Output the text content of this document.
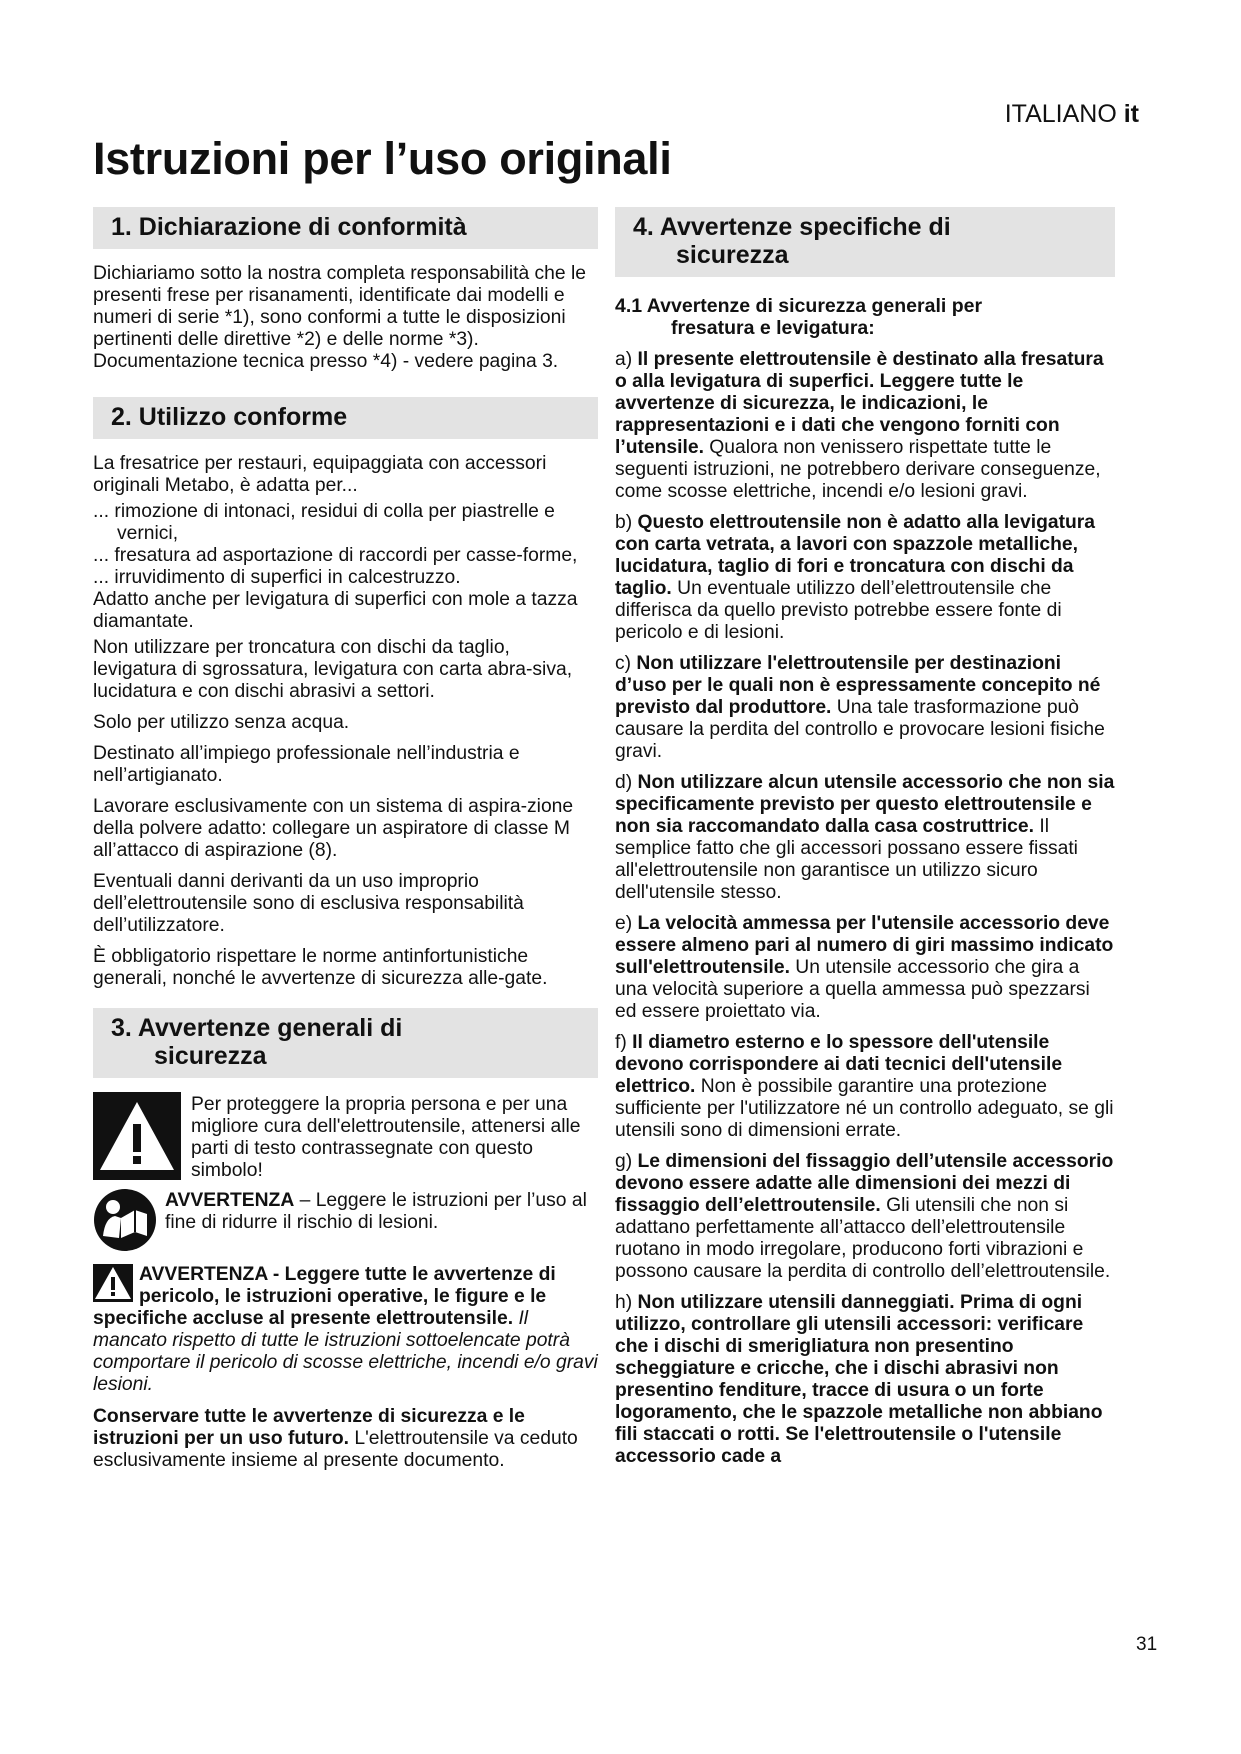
ITALIANO it
Istruzioni per l’uso originali
1. Dichiarazione di conformità

Dichiariamo sotto la nostra completa responsabilità che le presenti frese per risanamenti, identificate dai modelli e numeri di serie *1), sono conformi a tutte le disposizioni pertinenti delle direttive *2) e delle norme *3). Documentazione tecnica presso *4) - vedere pagina 3.

2. Utilizzo conforme

La fresatrice per restauri, equipaggiata con accessori originali Metabo, è adatta per...

... rimozione di intonaci, residui di colla per piastrelle e vernici,
... fresatura ad asportazione di raccordi per casse-forme,
... irruvidimento di superfici in calcestruzzo.

Adatto anche per levigatura di superfici con mole a tazza diamantate.

Non utilizzare per troncatura con dischi da taglio, levigatura di sgrossatura, levigatura con carta abra-siva, lucidatura e con dischi abrasivi a settori.

Solo per utilizzo senza acqua.

Destinato all’impiego professionale nell’industria e nell’artigianato.

Lavorare esclusivamente con un sistema di aspira-zione della polvere adatto: collegare un aspiratore di classe M all’attacco di aspirazione (8).

Eventuali danni derivanti da un uso improprio dell’elettroutensile sono di esclusiva responsabilità dell’utilizzatore.

È obbligatorio rispettare le norme antinfortunistiche generali, nonché le avvertenze di sicurezza alle-gate.

3. Avvertenze generali di
sicurezza

Per proteggere la propria persona e per una migliore cura dell'elettroutensile, attenersi alle parti di testo contrassegnate con questo simbolo!

AVVERTENZA – Leggere le istruzioni per l’uso al fine di ridurre il rischio di lesioni.

AVVERTENZA - Leggere tutte le avvertenze di pericolo, le istruzioni operative, le figure e le specifiche accluse al presente elettroutensile. Il mancato rispetto di tutte le istruzioni sottoelencate potrà comportare il pericolo di scosse elettriche, incendi e/o gravi lesioni.

Conservare tutte le avvertenze di sicurezza e le istruzioni per un uso futuro. L'elettroutensile va ceduto esclusivamente insieme al presente documento.

4. Avvertenze specifiche di
sicurezza
4.1 Avvertenze di sicurezza generali per
fresatura e levigatura:

a) Il presente elettroutensile è destinato alla fresatura o alla levigatura di superfici. Leggere tutte le avvertenze di sicurezza, le indicazioni, le rappresentazioni e i dati che vengono forniti con l’utensile. Qualora non venissero rispettate tutte le seguenti istruzioni, ne potrebbero derivare conseguenze, come scosse elettriche, incendi e/o lesioni gravi.

b) Questo elettroutensile non è adatto alla levigatura con carta vetrata, a lavori con spazzole metalliche, lucidatura, taglio di fori e troncatura con dischi da taglio. Un eventuale utilizzo dell’elettroutensile che differisca da quello previsto potrebbe essere fonte di pericolo e di lesioni.

c) Non utilizzare l'elettroutensile per destinazioni d’uso per le quali non è espressamente concepito né previsto dal produttore. Una tale trasformazione può causare la perdita del controllo e provocare lesioni fisiche gravi.

d) Non utilizzare alcun utensile accessorio che non sia specificamente previsto per questo elettroutensile e non sia raccomandato dalla casa costruttrice. Il semplice fatto che gli accessori possano essere fissati all'elettroutensile non garantisce un utilizzo sicuro dell'utensile stesso.

e) La velocità ammessa per l'utensile accessorio deve essere almeno pari al numero di giri massimo indicato sull'elettroutensile. Un utensile accessorio che gira a una velocità superiore a quella ammessa può spezzarsi ed essere proiettato via.

f) Il diametro esterno e lo spessore dell'utensile devono corrispondere ai dati tecnici dell'utensile elettrico. Non è possibile garantire una protezione sufficiente per l'utilizzatore né un controllo adeguato, se gli utensili sono di dimensioni errate.

g) Le dimensioni del fissaggio dell’utensile accessorio devono essere adatte alle dimensioni dei mezzi di fissaggio dell’elettroutensile. Gli utensili che non si adattano perfettamente all’attacco dell’elettroutensile ruotano in modo irregolare, producono forti vibrazioni e possono causare la perdita di controllo dell’elettroutensile.

h) Non utilizzare utensili danneggiati. Prima di ogni utilizzo, controllare gli utensili accessori: verificare che i dischi di smerigliatura non presentino scheggiature e cricche, che i dischi abrasivi non presentino fenditure, tracce di usura o un forte logoramento, che le spazzole metalliche non abbiano fili staccati o rotti. Se l'elettroutensile o l'utensile accessorio cade a

31
